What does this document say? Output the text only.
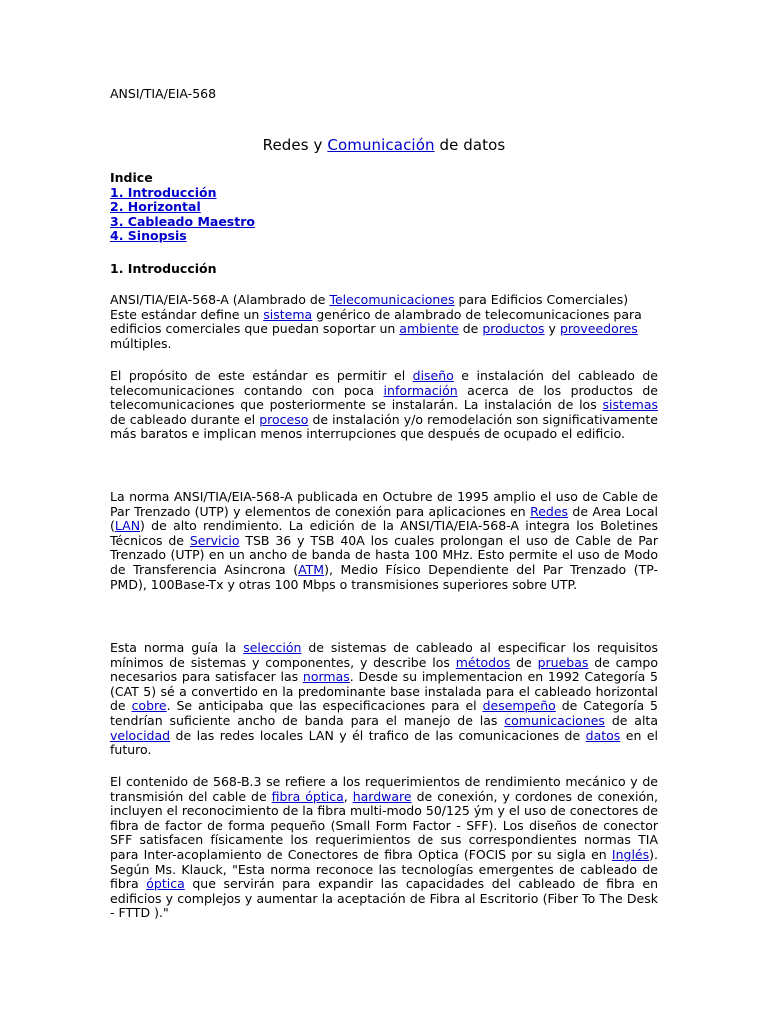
ANSI/TIA/EIA-568
Redes y Comunicación de datos
Indice
1. Introducción
2. Horizontal
3. Cableado Maestro
4. Sinopsis
1. Introducción

ANSI/TIA/EIA-568-A (Alambrado de Telecomunicaciones para Edificios Comerciales) Este estándar define un sistema genérico de alambrado de telecomunicaciones para edificios comerciales que puedan soportar un ambiente de productos y proveedores múltiples.

El propósito de este estándar es permitir el diseño e instalación del cableado de telecomunicaciones contando con poca información acerca de los productos de telecomunicaciones que posteriormente se instalarán. La instalación de los sistemas de cableado durante el proceso de instalación y/o remodelación son significativamente más baratos e implican menos interrupciones que después de ocupado el edificio.

La norma ANSI/TIA/EIA-568-A publicada en Octubre de 1995 amplio el uso de Cable de Par Trenzado (UTP) y elementos de conexión para aplicaciones en Redes de Area Local (LAN) de alto rendimiento. La edición de la ANSI/TIA/EIA-568-A integra los Boletines Técnicos de Servicio TSB 36 y TSB 40A los cuales prolongan el uso de Cable de Par Trenzado (UTP) en un ancho de banda de hasta 100 MHz. Esto permite el uso de Modo de Transferencia Asincrona (ATM), Medio Físico Dependiente del Par Trenzado (TP-PMD), 100Base-Tx y otras 100 Mbps o transmisiones superiores sobre UTP.

Esta norma guía la selección de sistemas de cableado al especificar los requisitos mínimos de sistemas y componentes, y describe los métodos de pruebas de campo necesarios para satisfacer las normas. Desde su implementacion en 1992 Categoría 5 (CAT 5) sé a convertido en la predominante base instalada para el cableado horizontal de cobre. Se anticipaba que las especificaciones para el desempeño de Categoría 5 tendrían suficiente ancho de banda para el manejo de las comunicaciones de alta velocidad de las redes locales LAN y él trafico de las comunicaciones de datos en el futuro.

El contenido de 568-B.3 se refiere a los requerimientos de rendimiento mecánico y de transmisión del cable de fibra óptica, hardware de conexión, y cordones de conexión, incluyen el reconocimiento de la fibra multi-modo 50/125 ým y el uso de conectores de fibra de factor de forma pequeño (Small Form Factor - SFF). Los diseños de conector SFF satisfacen físicamente los requerimientos de sus correspondientes normas TIA para Inter-acoplamiento de Conectores de fibra Optica (FOCIS por su sigla en Inglés). Según Ms. Klauck, "Esta norma reconoce las tecnologías emergentes de cableado de fibra óptica que servirán para expandir las capacidades del cableado de fibra en edificios y complejos y aumentar la aceptación de Fibra al Escritorio (Fiber To The Desk - FTTD )."
